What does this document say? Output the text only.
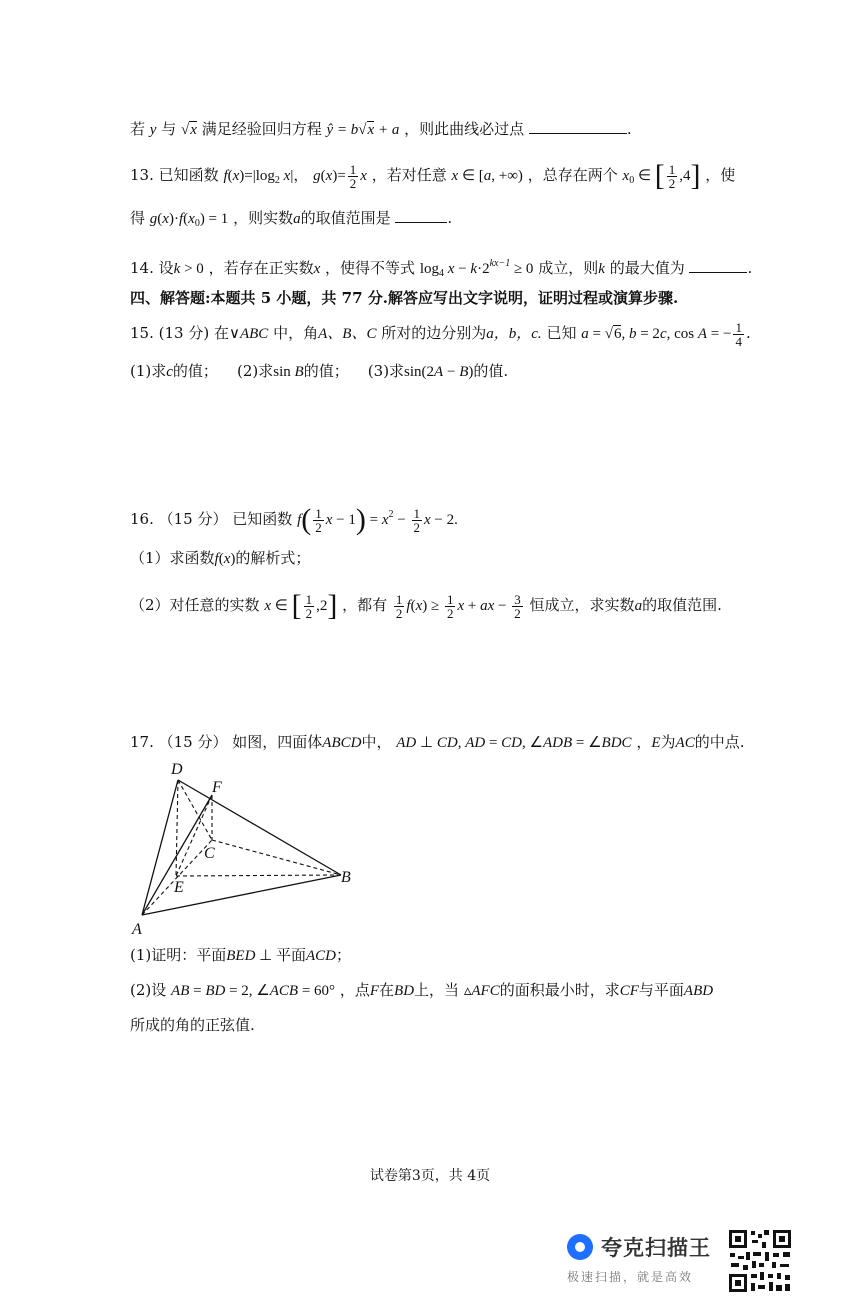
若 y 与 √x 满足经验回归方程 ŷ = b√x + a ，则此曲线必过点	.
13. 已知函数 $f(x)=|\log_2$ x|， $g(x)= \frac{1}{2}$ x ，若对任意 x ∈ [a, +∞) ，总存在两个 $x_0$ ∈ [ $\frac{1}{2} ,4$] ，使
得 $g(x)\cdot f(x_0) = 1$ ，则实数a的取值范围是	.
14. 设k > 0 ，若存在正实数x ，使得不等式 $\log_4 x - k\cdot 2^{kx-1} \ge 0$ 成立，则k 的最大值为	.
四、解答题:本题共 5 小题，共 77 分.解答应写出文字说明，证明过程或演算步骤.
15. (13 分) 在∨ABC 中，角A、B、C 所对的边分别为a，b，c. 已知 a = √6, b = 2c, cos A = − $\frac{1}{4}$ .
(1)求c的值； (2)求sin B的值； (3)求sin(2A − B)的值.
16. （15 分） 已知函数 $f( \frac{1}{2}$ $x - 1) = x^2 - \frac{1}{2}$ x − 2.
（1）求函数f(x)的解析式；
（2）对任意的实数 x ∈ [ $\frac{1}{2} ,2$] ，都有 $\frac{1}{2} f(x) \ge \frac{1}{2}$ x + ax − $\frac{3}{2}$ 恒成立，求实数a的取值范围.
17. （15 分） 如图，四面体ABCD中， AD ⊥ CD, AD = CD, ∠ADB = ∠BDC ，E为AC的中点.
D
F
C
E
B
A
(1)证明：平面BED ⊥ 平面ACD；
(2)设 AB = BD = 2, ∠ACB = 60° ，点F在BD上，当 ▵AFC的面积最小时，求CF与平面ABD
所成的角的正弦值.
试卷第3页，共 4页
夸克扫描王
极速扫描，就是高效
